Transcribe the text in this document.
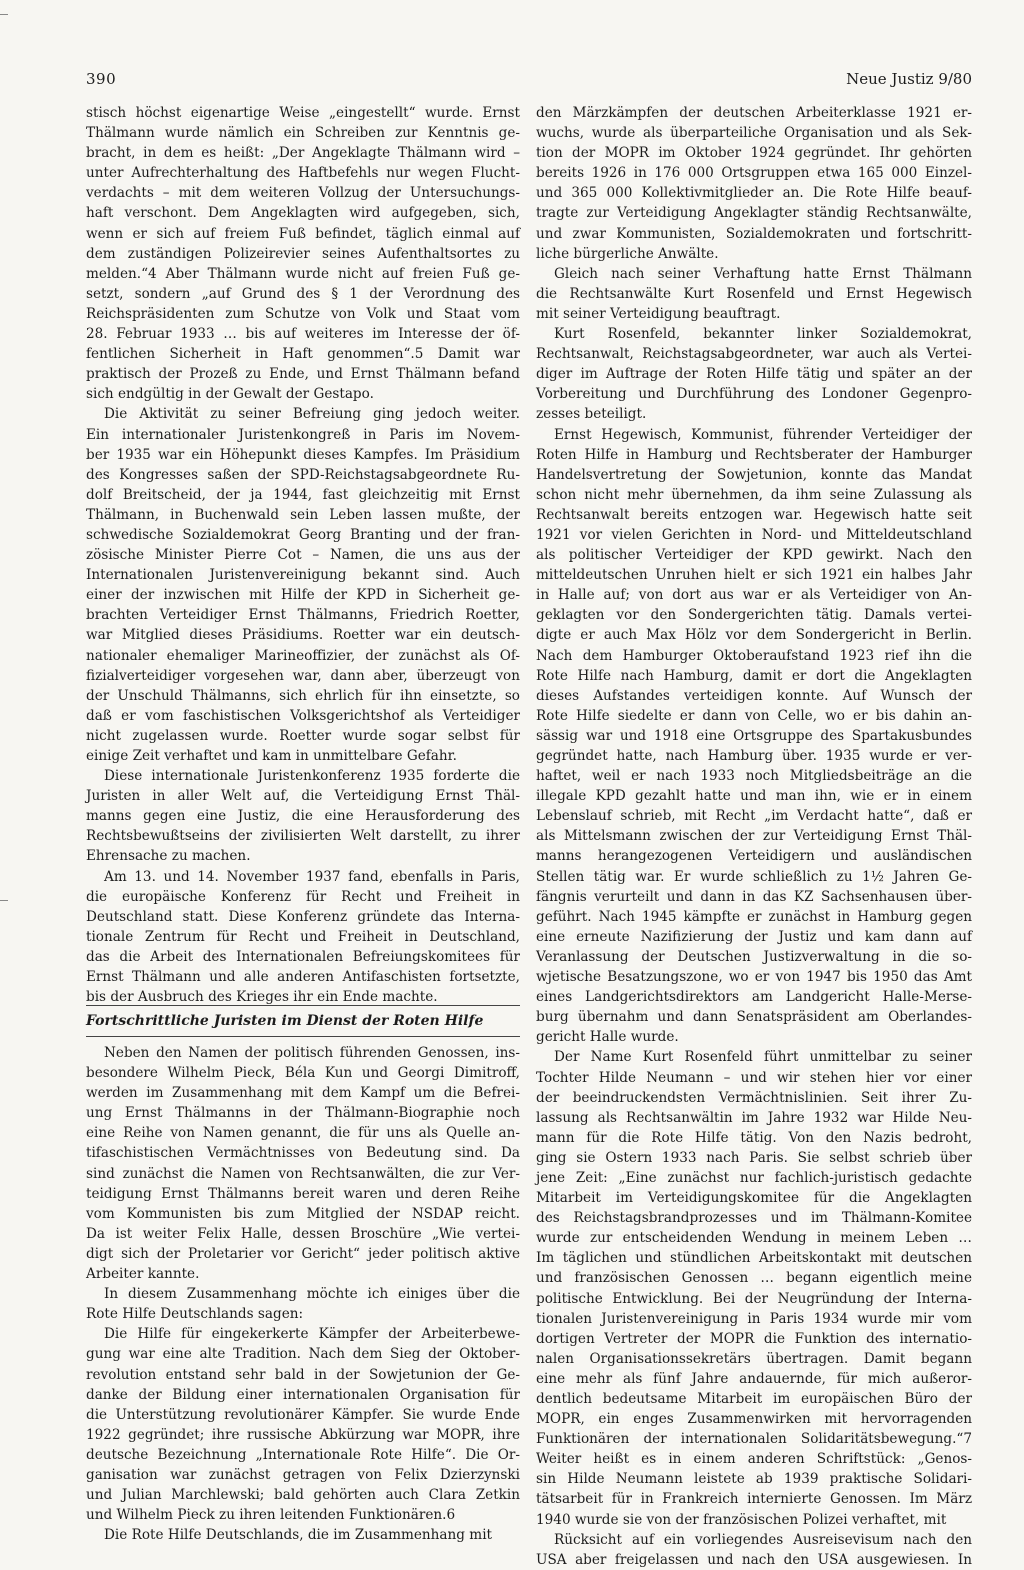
390	Neue Justiz 9/80
stisch höchst eigenartige Weise „eingestellt“ wurde. Ernst
Thälmann wurde nämlich ein Schreiben zur Kenntnis ge-
bracht, in dem es heißt: „Der Angeklagte Thälmann wird –
unter Aufrechterhaltung des Haftbefehls nur wegen Flucht-
verdachts – mit dem weiteren Vollzug der Untersuchungs-
haft verschont. Dem Angeklagten wird aufgegeben, sich,
wenn er sich auf freiem Fuß befindet, täglich einmal auf
dem zuständigen Polizeirevier seines Aufenthaltsortes zu
melden.“4 Aber Thälmann wurde nicht auf freien Fuß ge-
setzt, sondern „auf Grund des § 1 der Verordnung des
Reichspräsidenten zum Schutze von Volk und Staat vom
28. Februar 1933 … bis auf weiteres im Interesse der öf-
fentlichen Sicherheit in Haft genommen“.5 Damit war
praktisch der Prozeß zu Ende, und Ernst Thälmann befand
sich endgültig in der Gewalt der Gestapo.
Die Aktivität zu seiner Befreiung ging jedoch weiter.
Ein internationaler Juristenkongreß in Paris im Novem-
ber 1935 war ein Höhepunkt dieses Kampfes. Im Präsidium
des Kongresses saßen der SPD-Reichstagsabgeordnete Ru-
dolf Breitscheid, der ja 1944, fast gleichzeitig mit Ernst
Thälmann, in Buchenwald sein Leben lassen mußte, der
schwedische Sozialdemokrat Georg Branting und der fran-
zösische Minister Pierre Cot – Namen, die uns aus der
Internationalen Juristenvereinigung bekannt sind. Auch
einer der inzwischen mit Hilfe der KPD in Sicherheit ge-
brachten Verteidiger Ernst Thälmanns, Friedrich Roetter,
war Mitglied dieses Präsidiums. Roetter war ein deutsch-
nationaler ehemaliger Marineoffizier, der zunächst als Of-
fizialverteidiger vorgesehen war, dann aber, überzeugt von
der Unschuld Thälmanns, sich ehrlich für ihn einsetzte, so
daß er vom faschistischen Volksgerichtshof als Verteidiger
nicht zugelassen wurde. Roetter wurde sogar selbst für
einige Zeit verhaftet und kam in unmittelbare Gefahr.
Diese internationale Juristenkonferenz 1935 forderte die
Juristen in aller Welt auf, die Verteidigung Ernst Thäl-
manns gegen eine Justiz, die eine Herausforderung des
Rechtsbewußtseins der zivilisierten Welt darstellt, zu ihrer
Ehrensache zu machen.
Am 13. und 14. November 1937 fand, ebenfalls in Paris,
die europäische Konferenz für Recht und Freiheit in
Deutschland statt. Diese Konferenz gründete das Interna-
tionale Zentrum für Recht und Freiheit in Deutschland,
das die Arbeit des Internationalen Befreiungskomitees für
Ernst Thälmann und alle anderen Antifaschisten fortsetzte,
bis der Ausbruch des Krieges ihr ein Ende machte.
Fortschrittliche Juristen im Dienst der Roten Hilfe
Neben den Namen der politisch führenden Genossen, ins-
besondere Wilhelm Pieck, Béla Kun und Georgi Dimitroff,
werden im Zusammenhang mit dem Kampf um die Befrei-
ung Ernst Thälmanns in der Thälmann-Biographie noch
eine Reihe von Namen genannt, die für uns als Quelle an-
tifaschistischen Vermächtnisses von Bedeutung sind. Da
sind zunächst die Namen von Rechtsanwälten, die zur Ver-
teidigung Ernst Thälmanns bereit waren und deren Reihe
vom Kommunisten bis zum Mitglied der NSDAP reicht.
Da ist weiter Felix Halle, dessen Broschüre „Wie vertei-
digt sich der Proletarier vor Gericht“ jeder politisch aktive
Arbeiter kannte.
In diesem Zusammenhang möchte ich einiges über die
Rote Hilfe Deutschlands sagen:
Die Hilfe für eingekerkerte Kämpfer der Arbeiterbewe-
gung war eine alte Tradition. Nach dem Sieg der Oktober-
revolution entstand sehr bald in der Sowjetunion der Ge-
danke der Bildung einer internationalen Organisation für
die Unterstützung revolutionärer Kämpfer. Sie wurde Ende
1922 gegründet; ihre russische Abkürzung war MOPR, ihre
deutsche Bezeichnung „Internationale Rote Hilfe“. Die Or-
ganisation war zunächst getragen von Felix Dzierzynski
und Julian Marchlewski; bald gehörten auch Clara Zetkin
und Wilhelm Pieck zu ihren leitenden Funktionären.6
Die Rote Hilfe Deutschlands, die im Zusammenhang mit
den Märzkämpfen der deutschen Arbeiterklasse 1921 er-
wuchs, wurde als überparteiliche Organisation und als Sek-
tion der MOPR im Oktober 1924 gegründet. Ihr gehörten
bereits 1926 in 176 000 Ortsgruppen etwa 165 000 Einzel-
und 365 000 Kollektivmitglieder an. Die Rote Hilfe beauf-
tragte zur Verteidigung Angeklagter ständig Rechtsanwälte,
und zwar Kommunisten, Sozialdemokraten und fortschritt-
liche bürgerliche Anwälte.
Gleich nach seiner Verhaftung hatte Ernst Thälmann
die Rechtsanwälte Kurt Rosenfeld und Ernst Hegewisch
mit seiner Verteidigung beauftragt.
Kurt Rosenfeld, bekannter linker Sozialdemokrat,
Rechtsanwalt, Reichstagsabgeordneter, war auch als Vertei-
diger im Auftrage der Roten Hilfe tätig und später an der
Vorbereitung und Durchführung des Londoner Gegenpro-
zesses beteiligt.
Ernst Hegewisch, Kommunist, führender Verteidiger der
Roten Hilfe in Hamburg und Rechtsberater der Hamburger
Handelsvertretung der Sowjetunion, konnte das Mandat
schon nicht mehr übernehmen, da ihm seine Zulassung als
Rechtsanwalt bereits entzogen war. Hegewisch hatte seit
1921 vor vielen Gerichten in Nord- und Mitteldeutschland
als politischer Verteidiger der KPD gewirkt. Nach den
mitteldeutschen Unruhen hielt er sich 1921 ein halbes Jahr
in Halle auf; von dort aus war er als Verteidiger von An-
geklagten vor den Sondergerichten tätig. Damals vertei-
digte er auch Max Hölz vor dem Sondergericht in Berlin.
Nach dem Hamburger Oktoberaufstand 1923 rief ihn die
Rote Hilfe nach Hamburg, damit er dort die Angeklagten
dieses Aufstandes verteidigen konnte. Auf Wunsch der
Rote Hilfe siedelte er dann von Celle, wo er bis dahin an-
sässig war und 1918 eine Ortsgruppe des Spartakusbundes
gegründet hatte, nach Hamburg über. 1935 wurde er ver-
haftet, weil er nach 1933 noch Mitgliedsbeiträge an die
illegale KPD gezahlt hatte und man ihn, wie er in einem
Lebenslauf schrieb, mit Recht „im Verdacht hatte“, daß er
als Mittelsmann zwischen der zur Verteidigung Ernst Thäl-
manns herangezogenen Verteidigern und ausländischen
Stellen tätig war. Er wurde schließlich zu 1½ Jahren Ge-
fängnis verurteilt und dann in das KZ Sachsenhausen über-
geführt. Nach 1945 kämpfte er zunächst in Hamburg gegen
eine erneute Nazifizierung der Justiz und kam dann auf
Veranlassung der Deutschen Justizverwaltung in die so-
wjetische Besatzungszone, wo er von 1947 bis 1950 das Amt
eines Landgerichtsdirektors am Landgericht Halle-Merse-
burg übernahm und dann Senatspräsident am Oberlandes-
gericht Halle wurde.
Der Name Kurt Rosenfeld führt unmittelbar zu seiner
Tochter Hilde Neumann – und wir stehen hier vor einer
der beeindruckendsten Vermächtnislinien. Seit ihrer Zu-
lassung als Rechtsanwältin im Jahre 1932 war Hilde Neu-
mann für die Rote Hilfe tätig. Von den Nazis bedroht,
ging sie Ostern 1933 nach Paris. Sie selbst schrieb über
jene Zeit: „Eine zunächst nur fachlich-juristisch gedachte
Mitarbeit im Verteidigungskomitee für die Angeklagten
des Reichstagsbrandprozesses und im Thälmann-Komitee
wurde zur entscheidenden Wendung in meinem Leben …
Im täglichen und stündlichen Arbeitskontakt mit deutschen
und französischen Genossen … begann eigentlich meine
politische Entwicklung. Bei der Neugründung der Interna-
tionalen Juristenvereinigung in Paris 1934 wurde mir vom
dortigen Vertreter der MOPR die Funktion des internatio-
nalen Organisationssekretärs übertragen. Damit begann
eine mehr als fünf Jahre andauernde, für mich außeror-
dentlich bedeutsame Mitarbeit im europäischen Büro der
MOPR, ein enges Zusammenwirken mit hervorragenden
Funktionären der internationalen Solidaritätsbewegung.“7
Weiter heißt es in einem anderen Schriftstück: „Genos-
sin Hilde Neumann leistete ab 1939 praktische Solidari-
tätsarbeit für in Frankreich internierte Genossen. Im März
1940 wurde sie von der französischen Polizei verhaftet, mit
Rücksicht auf ein vorliegendes Ausreisevisum nach den
USA aber freigelassen und nach den USA ausgewiesen. In
